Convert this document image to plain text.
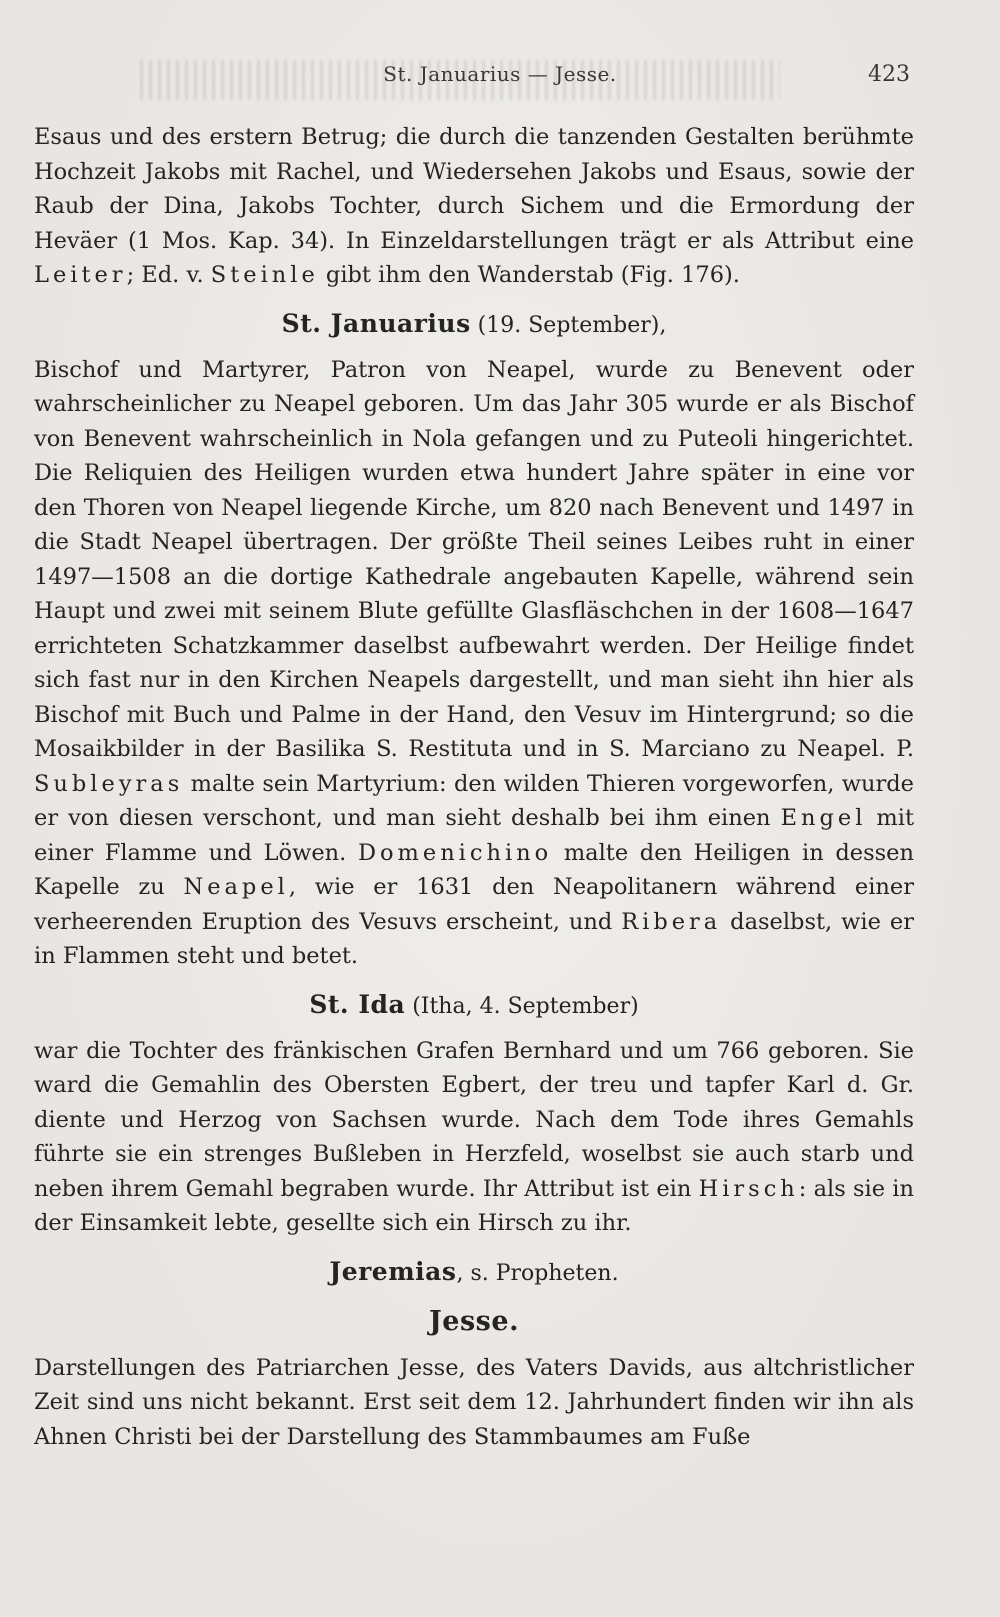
St. Januarius — Jesse.	423

Esaus und des erstern Betrug; die durch die tanzenden Gestalten berühmte Hochzeit Jakobs mit Rachel, und Wiedersehen Jakobs und Esaus, sowie der Raub der Dina, Jakobs Tochter, durch Sichem und die Ermordung der Heväer (1 Mos. Kap. 34). In Einzeldarstellungen trägt er als Attribut eine Leiter; Ed. v. Steinle gibt ihm den Wanderstab (Fig. 176).

St. Januarius (19. September),

Bischof und Martyrer, Patron von Neapel, wurde zu Benevent oder wahrscheinlicher zu Neapel geboren. Um das Jahr 305 wurde er als Bischof von Benevent wahrscheinlich in Nola gefangen und zu Puteoli hingerichtet. Die Reliquien des Heiligen wurden etwa hundert Jahre später in eine vor den Thoren von Neapel liegende Kirche, um 820 nach Benevent und 1497 in die Stadt Neapel übertragen. Der größte Theil seines Leibes ruht in einer 1497—1508 an die dortige Kathedrale angebauten Kapelle, während sein Haupt und zwei mit seinem Blute gefüllte Glasfläschchen in der 1608—1647 errichteten Schatzkammer daselbst aufbewahrt werden. Der Heilige findet sich fast nur in den Kirchen Neapels dargestellt, und man sieht ihn hier als Bischof mit Buch und Palme in der Hand, den Vesuv im Hintergrund; so die Mosaikbilder in der Basilika S. Restituta und in S. Marciano zu Neapel. P. Subleyras malte sein Martyrium: den wilden Thieren vorgeworfen, wurde er von diesen verschont, und man sieht deshalb bei ihm einen Engel mit einer Flamme und Löwen. Domenichino malte den Heiligen in dessen Kapelle zu Neapel, wie er 1631 den Neapolitanern während einer verheerenden Eruption des Vesuvs erscheint, und Ribera daselbst, wie er in Flammen steht und betet.

St. Ida (Itha, 4. September)

war die Tochter des fränkischen Grafen Bernhard und um 766 geboren. Sie ward die Gemahlin des Obersten Egbert, der treu und tapfer Karl d. Gr. diente und Herzog von Sachsen wurde. Nach dem Tode ihres Gemahls führte sie ein strenges Bußleben in Herzfeld, woselbst sie auch starb und neben ihrem Gemahl begraben wurde. Ihr Attribut ist ein Hirsch: als sie in der Einsamkeit lebte, gesellte sich ein Hirsch zu ihr.

Jeremias, s. Propheten.
Jesse.

Darstellungen des Patriarchen Jesse, des Vaters Davids, aus altchristlicher Zeit sind uns nicht bekannt. Erst seit dem 12. Jahrhundert finden wir ihn als Ahnen Christi bei der Darstellung des Stammbaumes am Fuße
